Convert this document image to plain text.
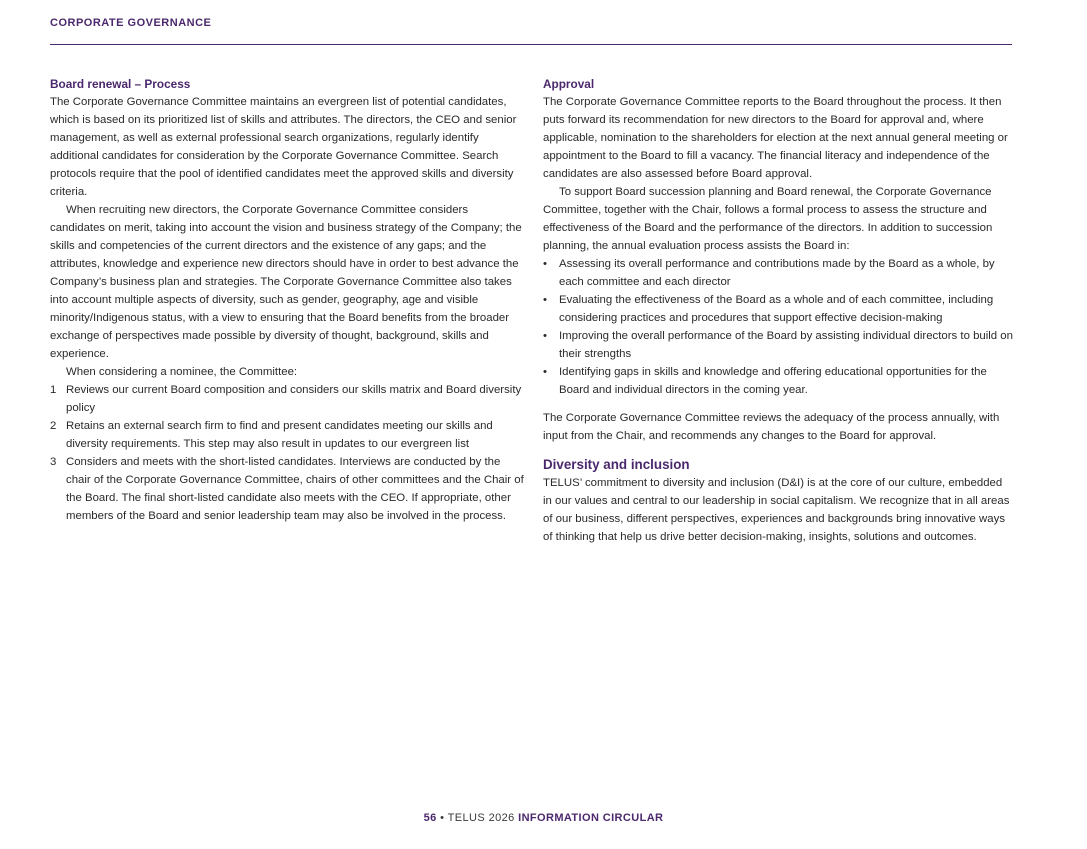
CORPORATE GOVERNANCE
Board renewal – Process

The Corporate Governance Committee maintains an evergreen list of potential candidates, which is based on its prioritized list of skills and attributes. The directors, the CEO and senior management, as well as external professional search organizations, regularly identify additional candidates for consideration by the Corporate Governance Committee. Search protocols require that the pool of identified candidates meet the approved skills and diversity criteria.

When recruiting new directors, the Corporate Governance Committee considers candidates on merit, taking into account the vision and business strategy of the Company; the skills and competencies of the current directors and the existence of any gaps; and the attributes, knowledge and experience new directors should have in order to best advance the Company’s business plan and strategies. The Corporate Governance Committee also takes into account multiple aspects of diversity, such as gender, geography, age and visible minority/Indigenous status, with a view to ensuring that the Board benefits from the broader exchange of perspectives made possible by diversity of thought, background, skills and experience.

When considering a nominee, the Committee:

1 Reviews our current Board composition and considers our skills matrix and Board diversity policy
2 Retains an external search firm to find and present candidates meeting our skills and diversity requirements. This step may also result in updates to our evergreen list
3 Considers and meets with the short-listed candidates. Interviews are conducted by the chair of the Corporate Governance Committee, chairs of other committees and the Chair of the Board. The final short-listed candidate also meets with the CEO. If appropriate, other members of the Board and senior leadership team may also be involved in the process.
Approval

The Corporate Governance Committee reports to the Board throughout the process. It then puts forward its recommendation for new directors to the Board for approval and, where applicable, nomination to the shareholders for election at the next annual general meeting or appointment to the Board to fill a vacancy. The financial literacy and independence of the candidates are also assessed before Board approval.

To support Board succession planning and Board renewal, the Corporate Governance Committee, together with the Chair, follows a formal process to assess the structure and effectiveness of the Board and the performance of the directors. In addition to succession planning, the annual evaluation process assists the Board in:

• Assessing its overall performance and contributions made by the Board as a whole, by each committee and each director
• Evaluating the effectiveness of the Board as a whole and of each committee, including considering practices and procedures that support effective decision-making
• Improving the overall performance of the Board by assisting individual directors to build on their strengths
• Identifying gaps in skills and knowledge and offering educational opportunities for the Board and individual directors in the coming year.

The Corporate Governance Committee reviews the adequacy of the process annually, with input from the Chair, and recommends any changes to the Board for approval.

Diversity and inclusion

TELUS’ commitment to diversity and inclusion (D&I) is at the core of our culture, embedded in our values and central to our leadership in social capitalism. We recognize that in all areas of our business, different perspectives, experiences and backgrounds bring innovative ways of thinking that help us drive better decision-making, insights, solutions and outcomes.

56 • TELUS 2026 INFORMATION CIRCULAR
